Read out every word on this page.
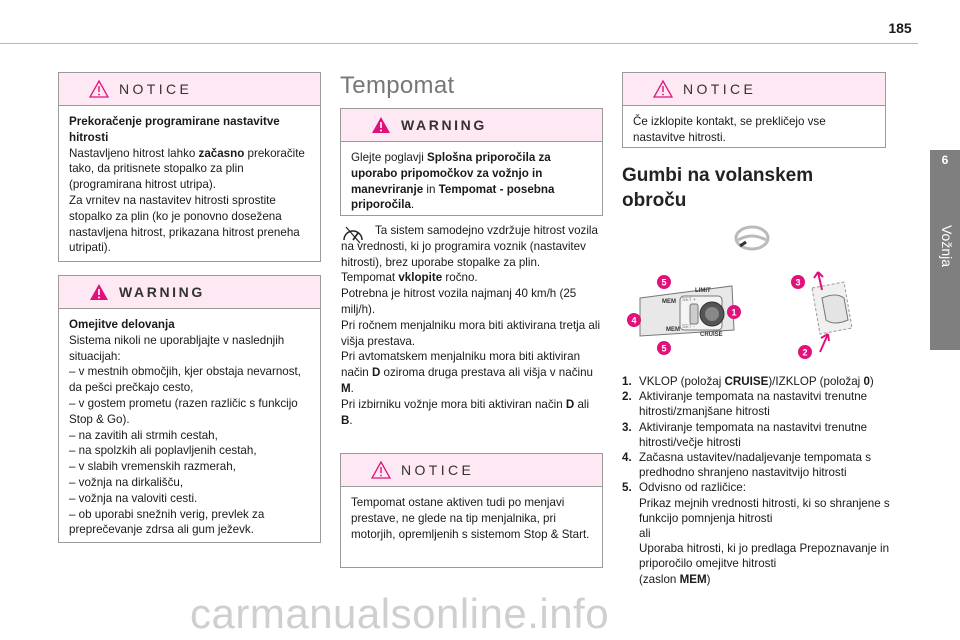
185
6
Vožnja
NOTICE

Prekoračenje programirane nastavitve hitrosti

Nastavljeno hitrost lahko začasno prekoračite tako, da pritisnete stopalko za plin (programirana hitrost utripa).

Za vrnitev na nastavitev hitrosti sprostite stopalko za plin (ko je ponovno dosežena nastavljena hitrost, prikazana hitrost preneha utripati).

WARNING

Omejitve delovanja

Sistema nikoli ne uporabljajte v naslednjih situacijah:

– v mestnih območjih, kjer obstaja nevarnost, da pešci prečkajo cesto,

– v gostem prometu (razen različic s funkcijo Stop & Go).

– na zavitih ali strmih cestah,

– na spolzkih ali poplavljenih cestah,

– v slabih vremenskih razmerah,

– vožnja na dirkališču,

– vožnja na valoviti cesti.

– ob uporabi snežnih verig, prevlek za preprečevanje zdrsa ali gum ježevk.

Tempomat
WARNING

Glejte poglavji Splošna priporočila za uporabo pripomočkov za vožnjo in manevriranje in Tempomat - posebna priporočila.

Ta sistem samodejno vzdržuje hitrost vozila na vrednosti, ki jo programira voznik (nastavitev hitrosti), brez uporabe stopalke za plin.

Tempomat vklopite ročno.

Potrebna je hitrost vozila najmanj 40 km/h (25 milj/h).

Pri ročnem menjalniku mora biti aktivirana tretja ali višja prestava.

Pri avtomatskem menjalniku mora biti aktiviran način D oziroma druga prestava ali višja v načinu M.

Pri izbirniku vožnje mora biti aktiviran način D ali B.

NOTICE

Tempomat ostane aktiven tudi po menjavi prestave, ne glede na tip menjalnika, pri motorjih, opremljenih s sistemom Stop & Start.

NOTICE

Če izklopite kontakt, se prekličejo vse nastavitve hitrosti.

Gumbi na volanskem obroču
MEM
MEM
LIMIT
CRUISE
SET +
SET -
1
4
5
5
3
2
1. VKLOP (položaj CRUISE)/IZKLOP (položaj 0)
2. Aktiviranje tempomata na nastavitvi trenutne hitrosti/zmanjšane hitrosti
3. Aktiviranje tempomata na nastavitvi trenutne hitrosti/večje hitrosti
4. Začasna ustavitev/nadaljevanje tempomata s predhodno shranjeno nastavitvijo hitrosti
5. Odvisno od različice:
Prikaz mejnih vrednosti hitrosti, ki so shranjene s funkcijo pomnjenja hitrosti
ali
Uporaba hitrosti, ki jo predlaga Prepoznavanje in priporočilo omejitve hitrosti
(zaslon MEM)
carmanualsonline.info
